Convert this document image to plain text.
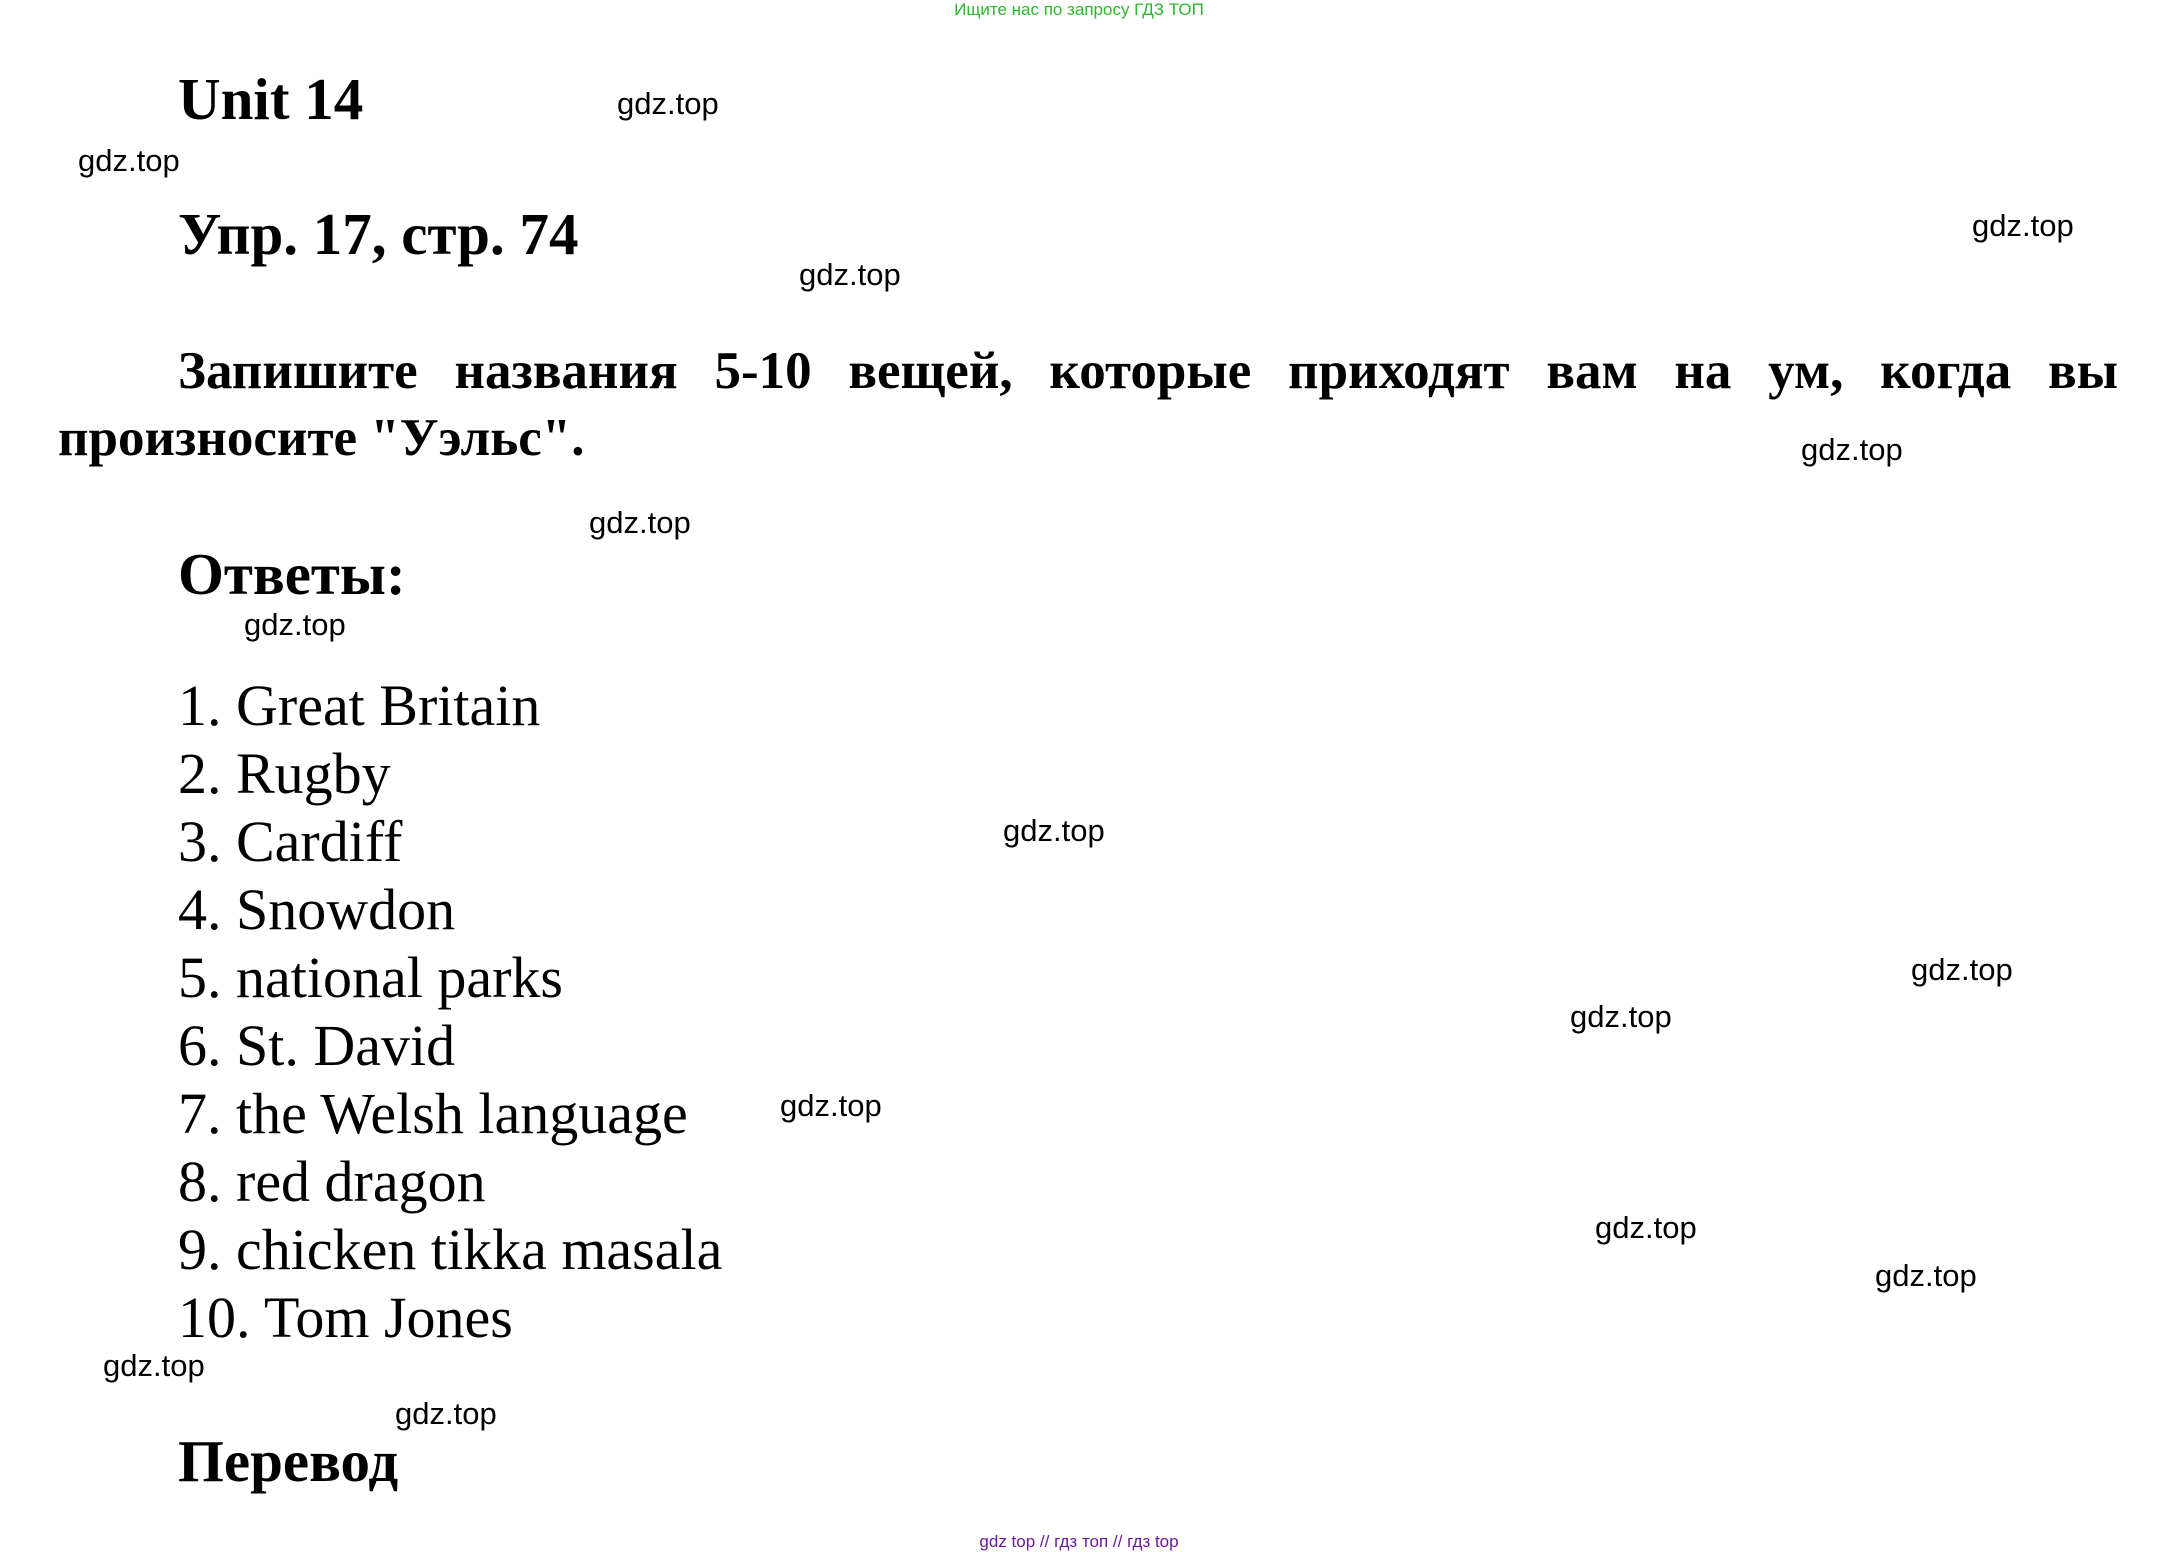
Ищите нас по запросу ГДЗ ТОП
Unit 14
Упр. 17, стр. 74
Запишите названия 5-10 вещей, которые приходят вам на ум, когда вы произносите "Уэльс".
Ответы:
1. Great Britain
2. Rugby
3. Cardiff
4. Snowdon
5. national parks
6. St. David
7. the Welsh language
8. red dragon
9. chicken tikka masala
10. Tom Jones
Перевод
gdz.top
gdz.top
gdz.top
gdz.top
gdz.top
gdz.top
gdz.top
gdz.top
gdz.top
gdz.top
gdz.top
gdz.top
gdz.top
gdz.top
gdz.top
gdz top // гдз топ // гдз top
